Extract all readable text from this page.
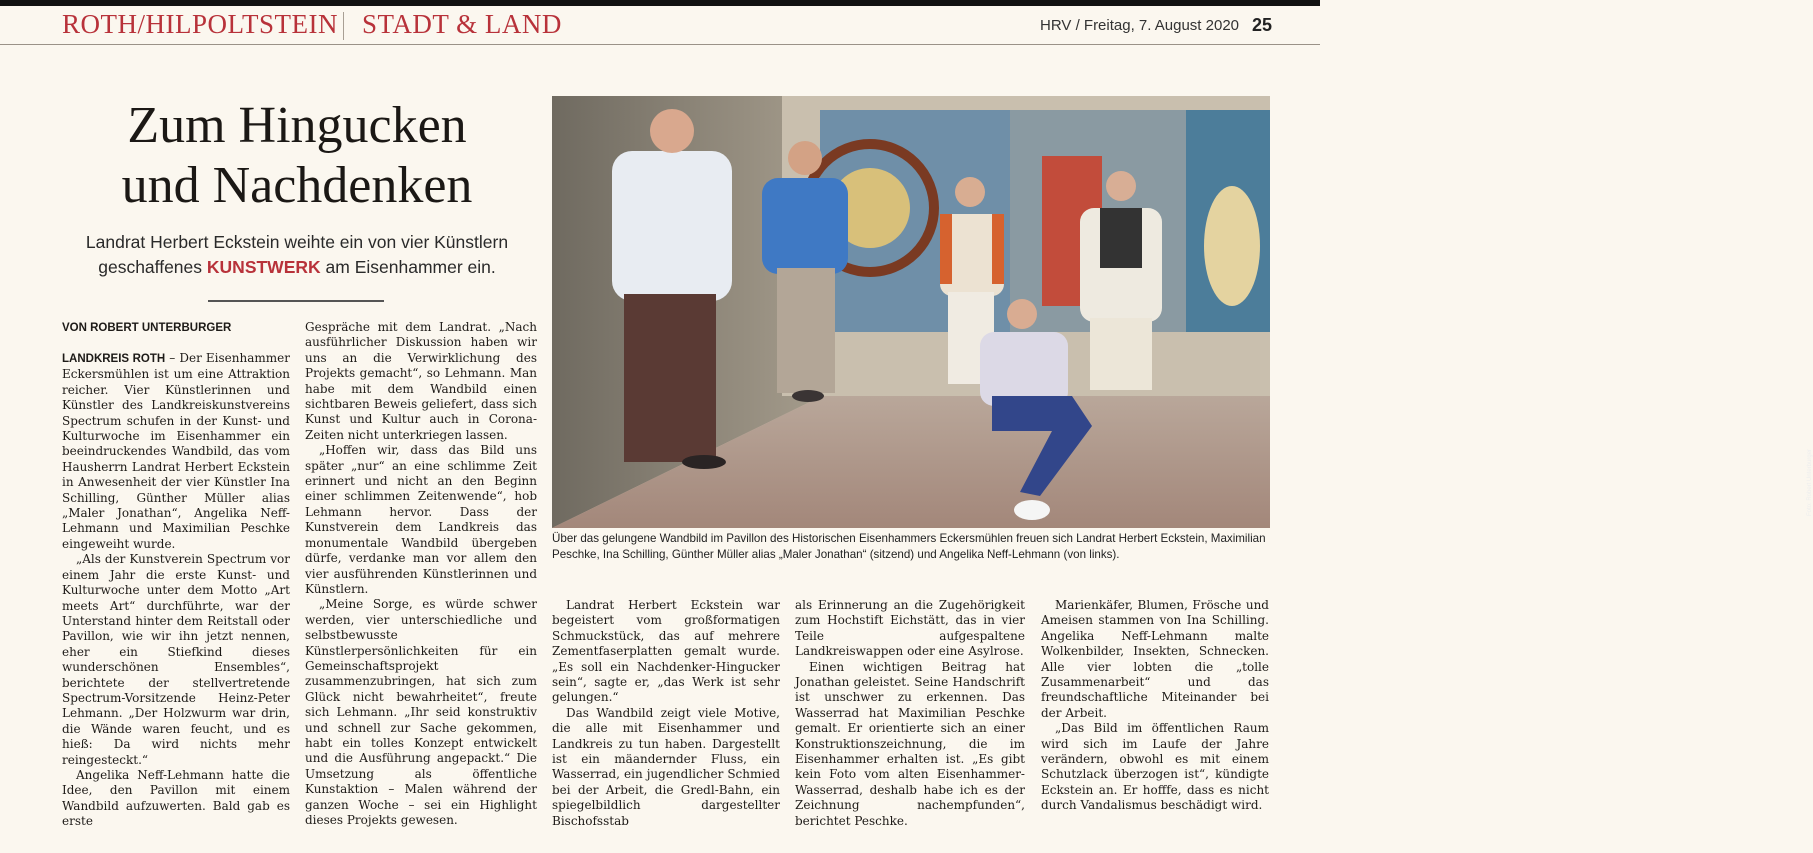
ROTH/HILPOLTSTEIN STADT & LAND	HRV / Freitag, 7. August 2020 25
Zum Hingucken
und Nachdenken
Landrat Herbert Eckstein weihte ein von vier Künstlern geschaffenes KUNSTWERK am Eisenhammer ein.
VON ROBERT UNTERBURGER

LANDKREIS ROTH – Der Eisenhammer Eckersmühlen ist um eine Attraktion reicher. Vier Künstlerinnen und Künstler des Landkreiskunstvereins Spectrum schufen in der Kunst- und Kulturwoche im Eisenhammer ein beeindruckendes Wandbild, das vom Hausherrn Landrat Herbert Eckstein in Anwesenheit der vier Künstler Ina Schilling, Günther Müller alias „Maler Jonathan“, Angelika Neff-Lehmann und Maximilian Peschke eingeweiht wurde.

„Als der Kunstverein Spectrum vor einem Jahr die erste Kunst- und Kulturwoche unter dem Motto „Art meets Art“ durchführte, war der Unterstand hinter dem Reitstall oder Pavillon, wie wir ihn jetzt nennen, eher ein Stiefkind dieses wunderschönen Ensembles“, berichtete der stellvertretende Spectrum-Vorsitzende Heinz-Peter Lehmann. „Der Holzwurm war drin, die Wände waren feucht, und es hieß: Da wird nichts mehr reingesteckt.“

Angelika Neff-Lehmann hatte die Idee, den Pavillon mit einem Wandbild aufzuwerten. Bald gab es erste

Gespräche mit dem Landrat. „Nach ausführlicher Diskussion haben wir uns an die Verwirklichung des Projekts gemacht“, so Lehmann. Man habe mit dem Wandbild einen sichtbaren Beweis geliefert, dass sich Kunst und Kultur auch in Corona-Zeiten nicht unterkriegen lassen.

„Hoffen wir, dass das Bild uns später „nur“ an eine schlimme Zeit erinnert und nicht an den Beginn einer schlimmen Zeitenwende“, hob Lehmann hervor. Dass der Kunstverein dem Landkreis das monumentale Wandbild übergeben dürfe, verdanke man vor allem den vier ausführenden Künstlerinnen und Künstlern.

„Meine Sorge, es würde schwer werden, vier unterschiedliche und selbstbewusste Künstlerpersönlichkeiten für ein Gemeinschaftsprojekt zusammenzubringen, hat sich zum Glück nicht bewahrheitet“, freute sich Lehmann. „Ihr seid konstruktiv und schnell zur Sache gekommen, habt ein tolles Konzept entwickelt und die Ausführung angepackt.“ Die Umsetzung als öffentliche Kunstaktion – Malen während der ganzen Woche – sei ein Highlight dieses Projekts gewesen.

Foto: Robert Unterburger
Über das gelungene Wandbild im Pavillon des Historischen Eisenhammers Eckersmühlen freuen sich Landrat Herbert Eckstein, Maximilian Peschke, Ina Schilling, Günther Müller alias „Maler Jonathan“ (sitzend) und Angelika Neff-Lehmann (von links).

Landrat Herbert Eckstein war begeistert vom großformatigen Schmuckstück, das auf mehrere Zementfaserplatten gemalt wurde. „Es soll ein Nachdenker-Hingucker sein“, sagte er, „das Werk ist sehr gelungen.“

Das Wandbild zeigt viele Motive, die alle mit Eisenhammer und Landkreis zu tun haben. Dargestellt ist ein mäandernder Fluss, ein Wasserrad, ein jugendlicher Schmied bei der Arbeit, die Gredl-Bahn, ein spiegelbildlich dargestellter Bischofsstab

als Erinnerung an die Zugehörigkeit zum Hochstift Eichstätt, das in vier Teile aufgespaltene Landkreiswappen oder eine Asylrose.

Einen wichtigen Beitrag hat Jonathan geleistet. Seine Handschrift ist unschwer zu erkennen. Das Wasserrad hat Maximilian Peschke gemalt. Er orientierte sich an einer Konstruktionszeichnung, die im Eisenhammer erhalten ist. „Es gibt kein Foto vom alten Eisenhammer-Wasserrad, deshalb habe ich es der Zeichnung nachempfunden“, berichtet Peschke.

Marienkäfer, Blumen, Frösche und Ameisen stammen von Ina Schilling. Angelika Neff-Lehmann malte Wolkenbilder, Insekten, Schnecken. Alle vier lobten die „tolle Zusammenarbeit“ und das freundschaftliche Miteinander bei der Arbeit.

„Das Bild im öffentlichen Raum wird sich im Laufe der Jahre verändern, obwohl es mit einem Schutzlack überzogen ist“, kündigte Eckstein an. Er hofffe, dass es nicht durch Vandalismus beschädigt wird.
